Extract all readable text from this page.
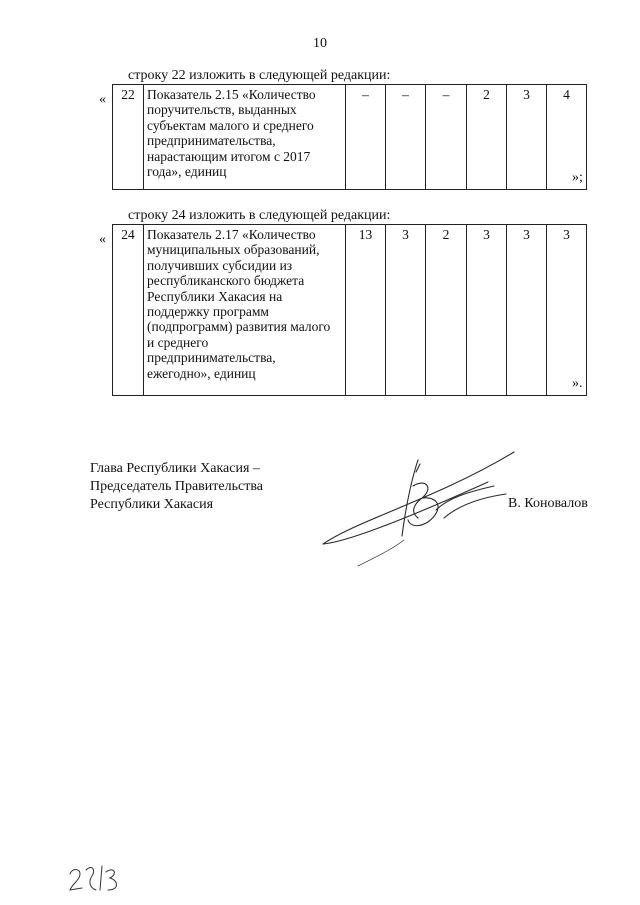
10
строку 22 изложить в следующей редакции:
« 22	Показатель 2.15 «Количество
поручительств, выданных
субъектам малого и среднего
предпринимательства,
нарастающим итогом с 2017
года», единиц
	–	–	–	2	3	4
»;
строку 24 изложить в следующей редакции:
« 24	Показатель 2.17 «Количество
муниципальных образований,
получивших субсидии из
республиканского бюджета
Республики Хакасия на
поддержку программ
(подпрограмм) развития малого
и среднего
предпринимательства,
ежегодно», единиц
	13	3	2	3	3	3
».
Глава Республики Хакасия –
Председатель Правительства
Республики Хакасия	В. Коновалов
